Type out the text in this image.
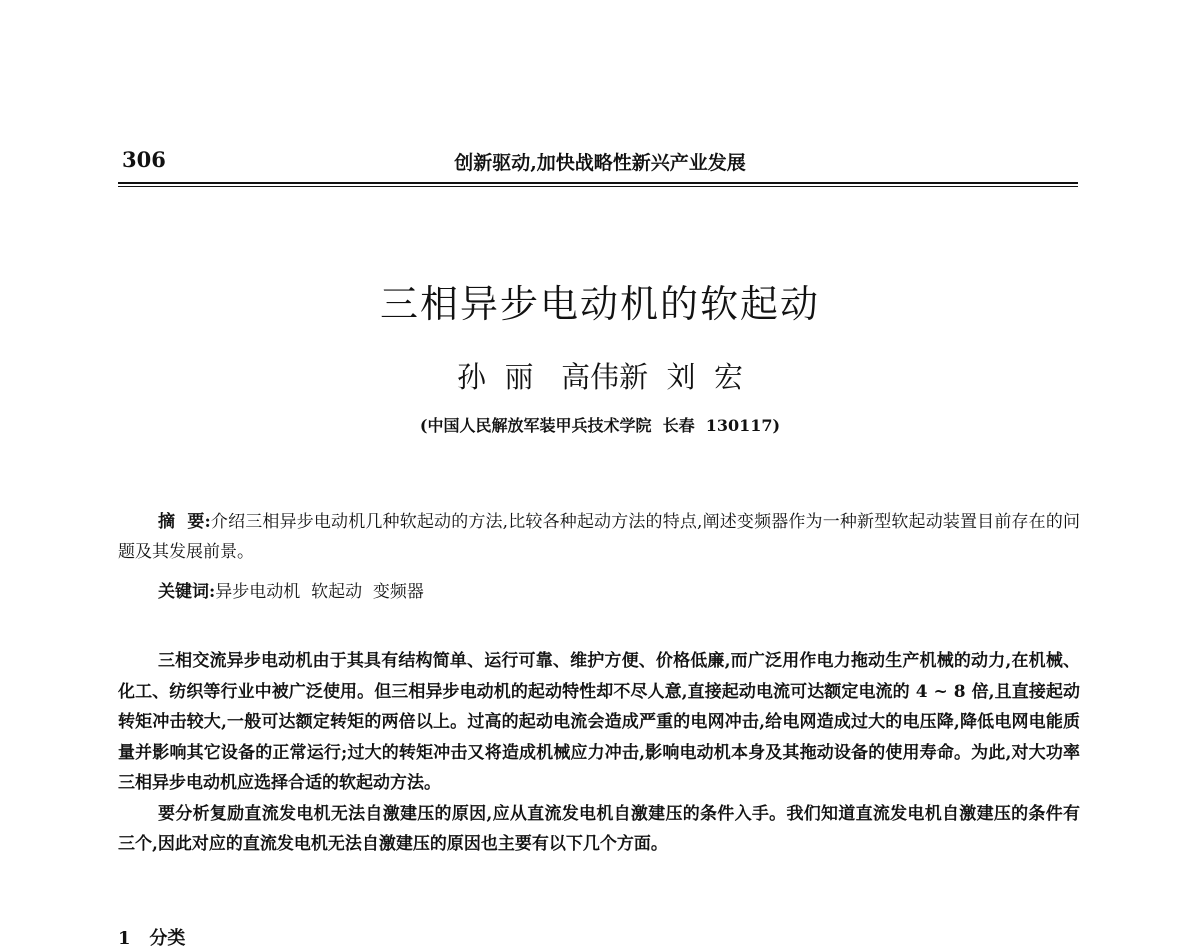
306	创新驱动,加快战略性新兴产业发展
三相异步电动机的软起动
孙  丽   高伟新  刘  宏
(中国人民解放军装甲兵技术学院  长春  130117)
摘  要:介绍三相异步电动机几种软起动的方法,比较各种起动方法的特点,阐述变频器作为一种新型软起动装置目前存在的问题及其发展前景。
关键词:异步电动机  软起动  变频器

三相交流异步电动机由于其具有结构简单、运行可靠、维护方便、价格低廉,而广泛用作电力拖动生产机械的动力,在机械、化工、纺织等行业中被广泛使用。但三相异步电动机的起动特性却不尽人意,直接起动电流可达额定电流的 4 ~ 8 倍,且直接起动转矩冲击较大,一般可达额定转矩的两倍以上。过高的起动电流会造成严重的电网冲击,给电网造成过大的电压降,降低电网电能质量并影响其它设备的正常运行;过大的转矩冲击又将造成机械应力冲击,影响电动机本身及其拖动设备的使用寿命。为此,对大功率三相异步电动机应选择合适的软起动方法。

要分析复励直流发电机无法自激建压的原因,应从直流发电机自激建压的条件入手。我们知道直流发电机自激建压的条件有三个,因此对应的直流发电机无法自激建压的原因也主要有以下几个方面。

1   分类
